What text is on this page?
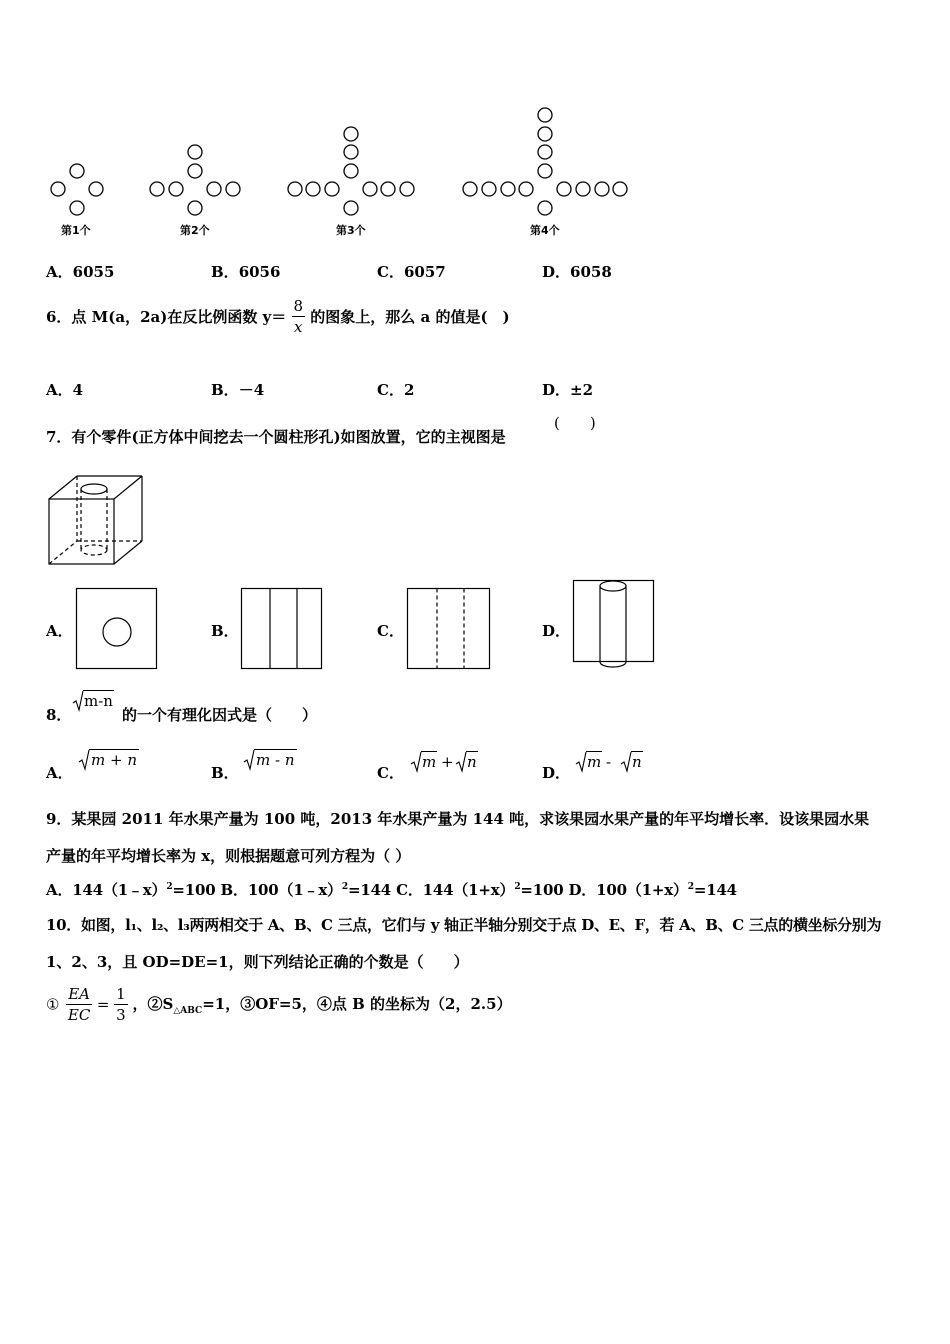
第1个	第2个	第3个	第4个
A．6055	B．6056	C．6057	D．6058
6．点 M(a，2a)在反比例函数 $y= \frac{8}{x}$ 的图象上，那么 a 的值是(　)
A．4	B．－4	C．2	D．±2
7．有个零件(正方体中间挖去一个圆柱形孔)如图放置，它的主视图是
(　　)
A．	B．	C．	D．
8．
m-n
的一个有理化因式是（　　）
A．
m + n
B．
m - n
C．
m + n
D．
m - n
9．某果园 2011 年水果产量为 100 吨，2013 年水果产量为 144 吨，求该果园水果产量的年平均增长率．设该果园水果
产量的年平均增长率为 x，则根据题意可列方程为（ ）
A．144（1﹣x）$^2$=100 B．100（1﹣x）$^2$=144 C．$144(1+x)^2=100$ D．$100(1+x)^2=144$
10．如图，l₁、l₂、l₃两两相交于 A、B、C 三点，它们与 y 轴正半轴分别交于点 D、E、F，若 A、B、C 三点的横坐标分别为
1、2、3，且 OD=DE=1，则下列结论正确的个数是（　　）
① $\frac{EA}{EC} = \frac{1}{3}$ ，$②S_{\triangle ABC}=1$，③OF=5，④点 B 的坐标为（2，2.5）
